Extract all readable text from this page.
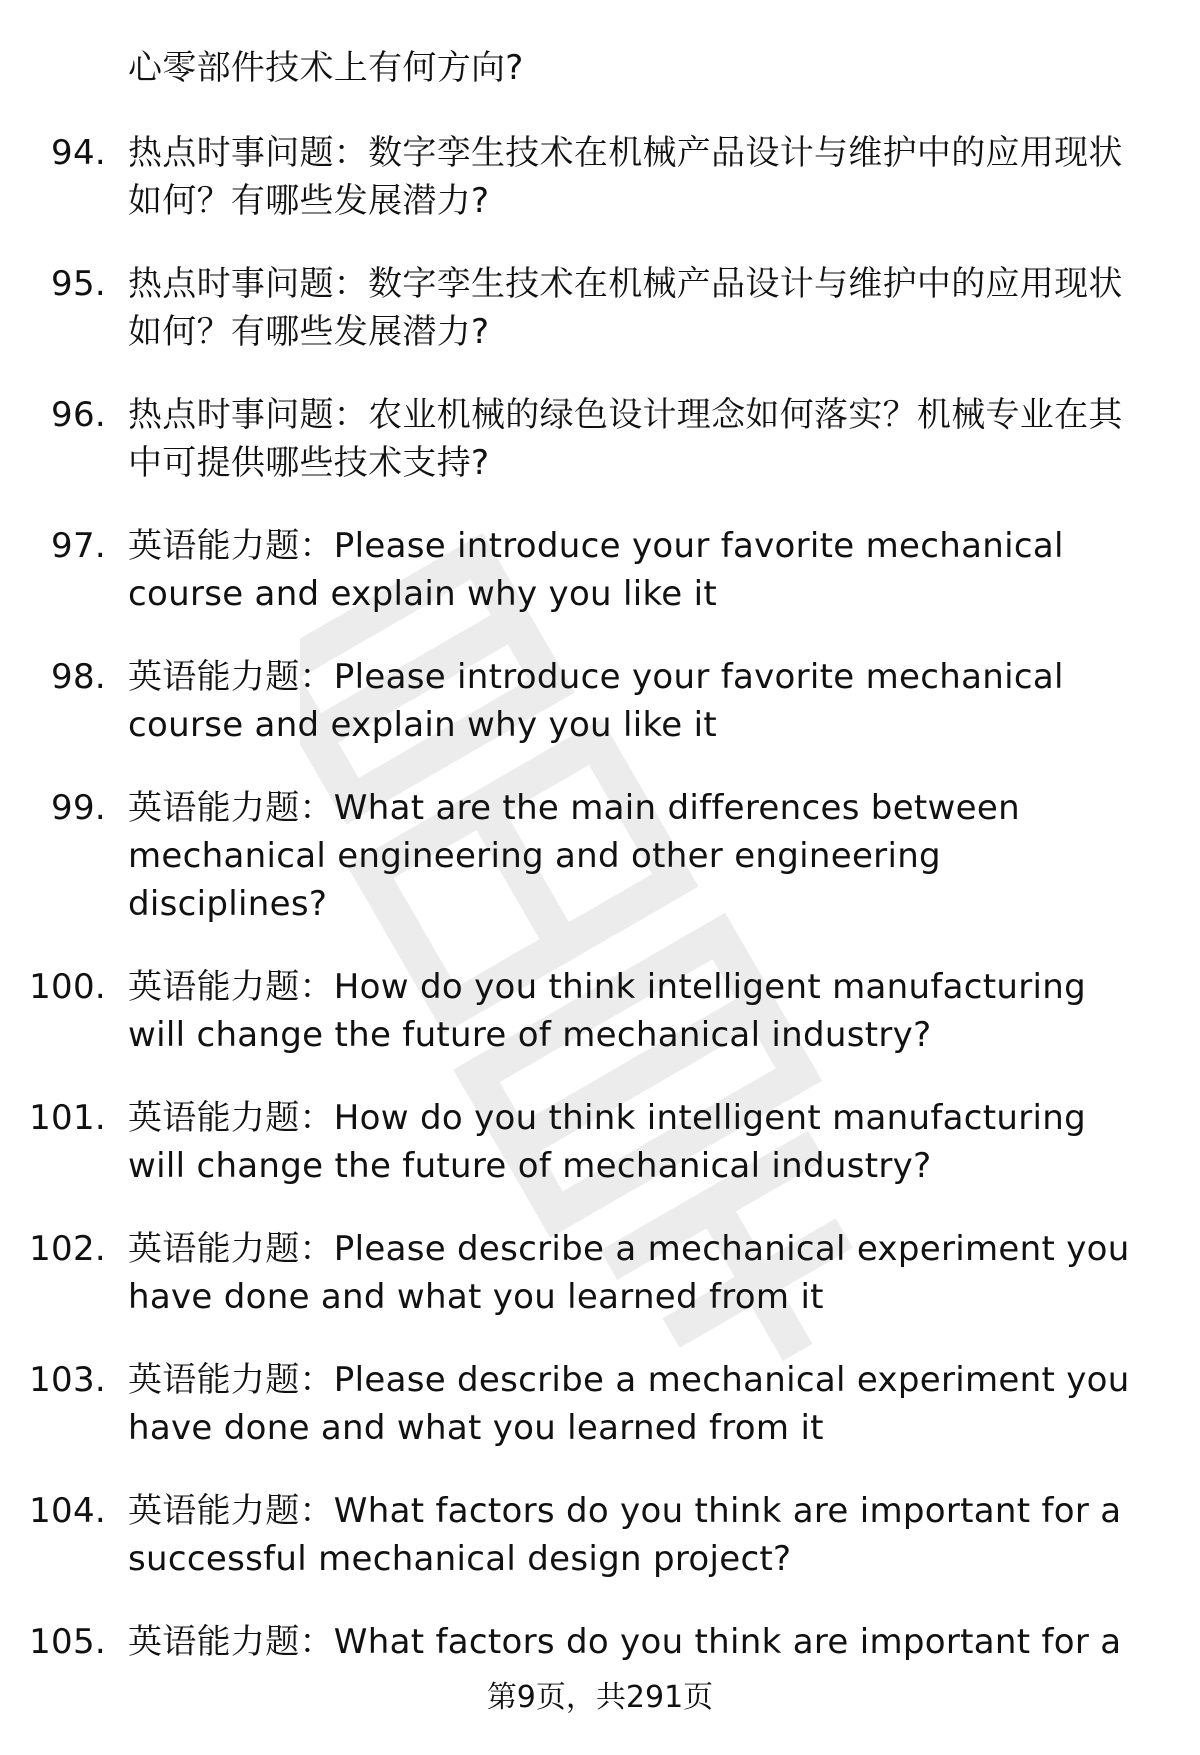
心零部件技术上有何方向?

94. 热点时事问题：数字孪生技术在机械产品设计与维护中的应用现状如何？有哪些发展潜力?

95. 热点时事问题：数字孪生技术在机械产品设计与维护中的应用现状如何？有哪些发展潜力?

96. 热点时事问题：农业机械的绿色设计理念如何落实？机械专业在其中可提供哪些技术支持?

97. 英语能力题：Please introduce your favorite mechanical course and explain why you like it

98. 英语能力题：Please introduce your favorite mechanical course and explain why you like it

99. 英语能力题：What are the main differences between mechanical engineering and other engineering disciplines?

100. 英语能力题：How do you think intelligent manufacturing will change the future of mechanical industry?

101. 英语能力题：How do you think intelligent manufacturing will change the future of mechanical industry?

102. 英语能力题：Please describe a mechanical experiment you have done and what you learned from it

103. 英语能力题：Please describe a mechanical experiment you have done and what you learned from it

104. 英语能力题：What factors do you think are important for a successful mechanical design project?

105. 英语能力题：What factors do you think are important for a

第9页，共291页
